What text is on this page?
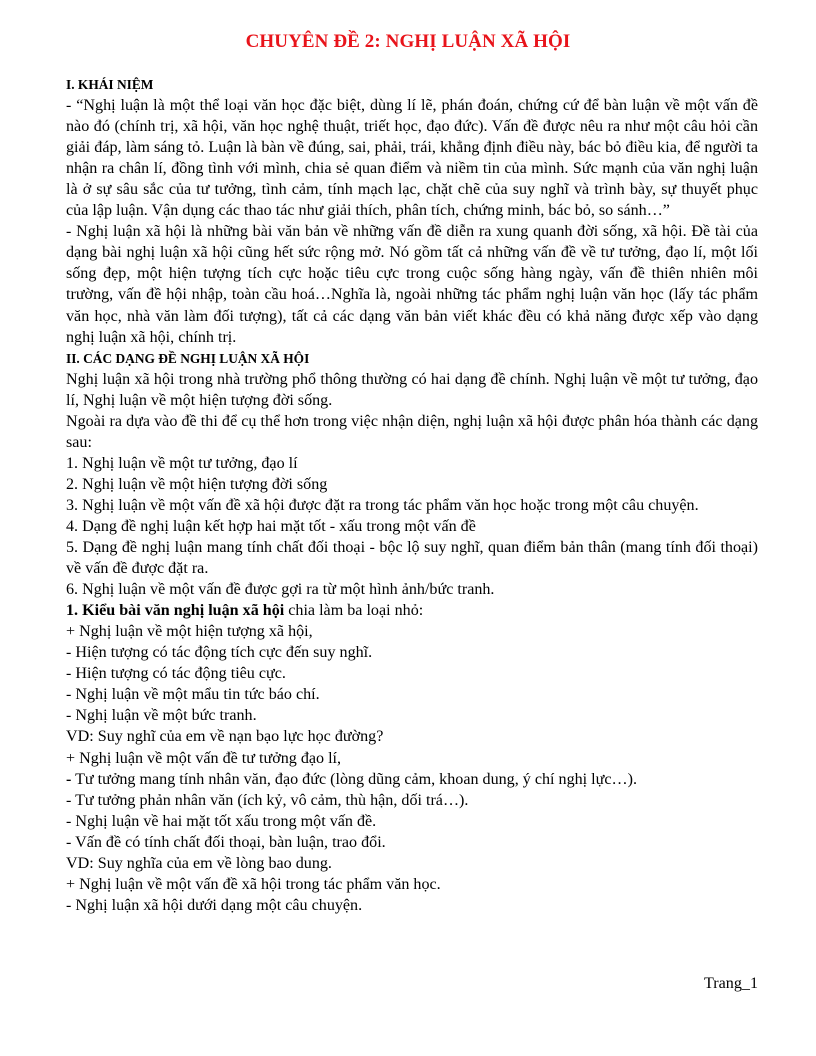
CHUYÊN ĐỀ 2: NGHỊ LUẬN XÃ HỘI

I. KHÁI NIỆM

- “Nghị luận là một thể loại văn học đặc biệt, dùng lí lẽ, phán đoán, chứng cứ để bàn luận về một vấn đề nào đó (chính trị, xã hội, văn học nghệ thuật, triết học, đạo đức). Vấn đề được nêu ra như một câu hỏi cần giải đáp, làm sáng tỏ. Luận là bàn về đúng, sai, phải, trái, khẳng định điều này, bác bỏ điều kia, để người ta nhận ra chân lí, đồng tình với mình, chia sẻ quan điểm và niềm tin của mình. Sức mạnh của văn nghị luận là ở sự sâu sắc của tư tưởng, tình cảm, tính mạch lạc, chặt chẽ của suy nghĩ và trình bày, sự thuyết phục của lập luận. Vận dụng các thao tác như giải thích, phân tích, chứng minh, bác bỏ, so sánh…”

- Nghị luận xã hội là những bài văn bản về những vấn đề diễn ra xung quanh đời sống, xã hội. Đề tài của dạng bài nghị luận xã hội cũng hết sức rộng mở. Nó gồm tất cả những vấn đề về tư tưởng, đạo lí, một lối sống đẹp, một hiện tượng tích cực hoặc tiêu cực trong cuộc sống hàng ngày, vấn đề thiên nhiên môi trường, vấn đề hội nhập, toàn cầu hoá…Nghĩa là, ngoài những tác phẩm nghị luận văn học (lấy tác phẩm văn học, nhà văn làm đối tượng), tất cả các dạng văn bản viết khác đều có khả năng được xếp vào dạng nghị luận xã hội, chính trị.

II. CÁC DẠNG ĐỀ NGHỊ LUẬN XÃ HỘI

Nghị luận xã hội trong nhà trường phổ thông thường có hai dạng đề chính. Nghị luận về một tư tưởng, đạo lí, Nghị luận về một hiện tượng đời sống.

Ngoài ra dựa vào đề thi để cụ thể hơn trong việc nhận diện, nghị luận xã hội được phân hóa thành các dạng sau:

1. Nghị luận về một tư tưởng, đạo lí

2. Nghị luận về một hiện tượng đời sống

3. Nghị luận về một vấn đề xã hội được đặt ra trong tác phẩm văn học hoặc trong một câu chuyện.

4. Dạng đề nghị luận kết hợp hai mặt tốt - xấu trong một vấn đề

5. Dạng đề nghị luận mang tính chất đối thoại - bộc lộ suy nghĩ, quan điểm bản thân (mang tính đối thoại) về vấn đề được đặt ra.

6. Nghị luận về một vấn đề được gợi ra từ một hình ảnh/bức tranh.

1. Kiểu bài văn nghị luận xã hội chia làm ba loại nhỏ:

+ Nghị luận về một hiện tượng xã hội,

- Hiện tượng có tác động tích cực đến suy nghĩ.

- Hiện tượng có tác động tiêu cực.

- Nghị luận về một mẩu tin tức báo chí.

- Nghị luận về một bức tranh.

VD: Suy nghĩ của em về nạn bạo lực học đường?

+ Nghị luận về một vấn đề tư tưởng đạo lí,

- Tư tưởng mang tính nhân văn, đạo đức (lòng dũng cảm, khoan dung, ý chí nghị lực…).

- Tư tưởng phản nhân văn (ích kỷ, vô cảm, thù hận, dối trá…).

- Nghị luận về hai mặt tốt xấu trong một vấn đề.

- Vấn đề có tính chất đối thoại, bàn luận, trao đổi.

VD: Suy nghĩa của em về lòng bao dung.

+ Nghị luận về một vấn đề xã hội trong tác phẩm văn học.

- Nghị luận xã hội dưới dạng một câu chuyện.

Trang_1
